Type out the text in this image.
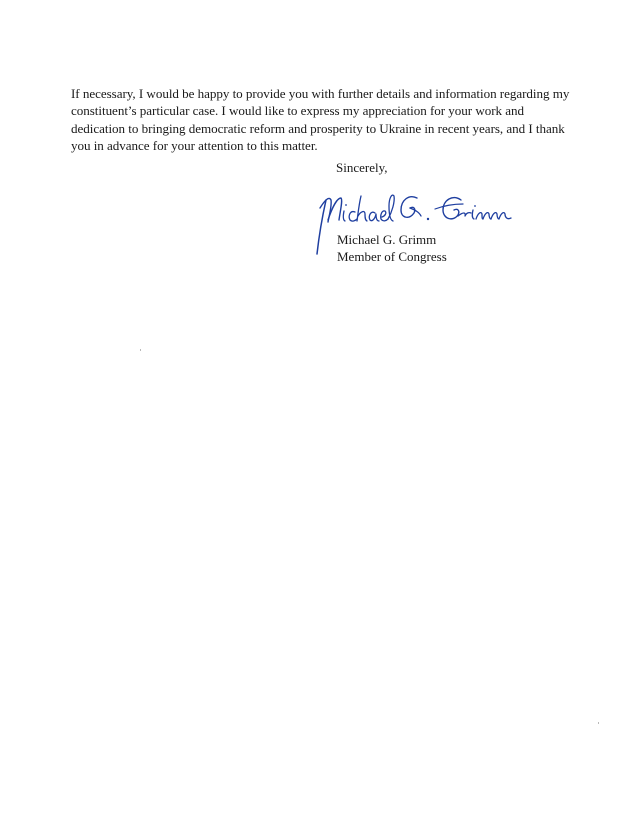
If necessary, I would be happy to provide you with further details and information regarding my
constituent’s particular case. I would like to express my appreciation for your work and
dedication to bringing democratic reform and prosperity to Ukraine in recent years, and I thank
you in advance for your attention to this matter.

Sincerely,
Michael G. Grimm
Member of Congress
